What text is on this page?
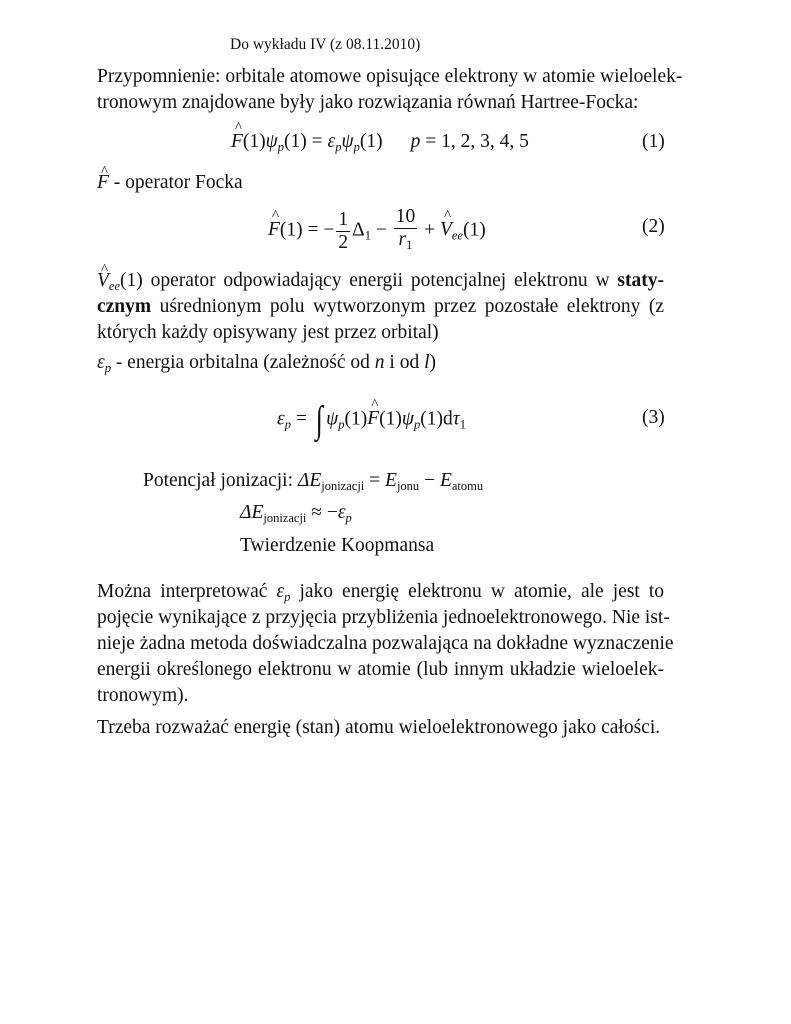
Do wykładu IV (z 08.11.2010)
Przypomnienie: orbitale atomowe opisujące elektrony w atomie wieloelek-
tronowym znajdowane były jako rozwiązania równań Hartree-Focka:
^ $F(1)\psi_p(1) = \varepsilon_p\psi_p(1) p = 1$, 2, 3, 4, 5	(1)
^ F - operator Focka
^ F(1) = − $\frac{1}{2} \Delta_1 - \frac{10}{r_1}$ + ^ $V_{ee}(1)$	(2)
^ $V_{ee}(1)$ operator odpowiadający energii potencjalnej elektronu w staty-
cznym uśrednionym polu wytworzonym przez pozostałe elektrony (z
których każdy opisywany jest przez orbital)
$\varepsilon_p$ - energia orbitalna (zależność od n i od l)
$\varepsilon_p$ = ∫ $\psi_p(1)\^{}$ $F(1)\psi_p(1)d\tau_1$	(3)
Potencjał jonizacji: $\Delta E_{jonizacji} = E_{jonu} - E_{atomu}$
$\Delta E_{jonizacji} \approx -\varepsilon_p$
Twierdzenie Koopmansa
Można interpretować $\varepsilon_p$ jako energię elektronu w atomie, ale jest to
pojęcie wynikające z przyjęcia przybliżenia jednoelektronowego. Nie ist-
nieje żadna metoda doświadczalna pozwalająca na dokładne wyznaczenie
energii określonego elektronu w atomie (lub innym układzie wieloelek-
tronowym).
Trzeba rozważać energię (stan) atomu wieloelektronowego jako całości.
